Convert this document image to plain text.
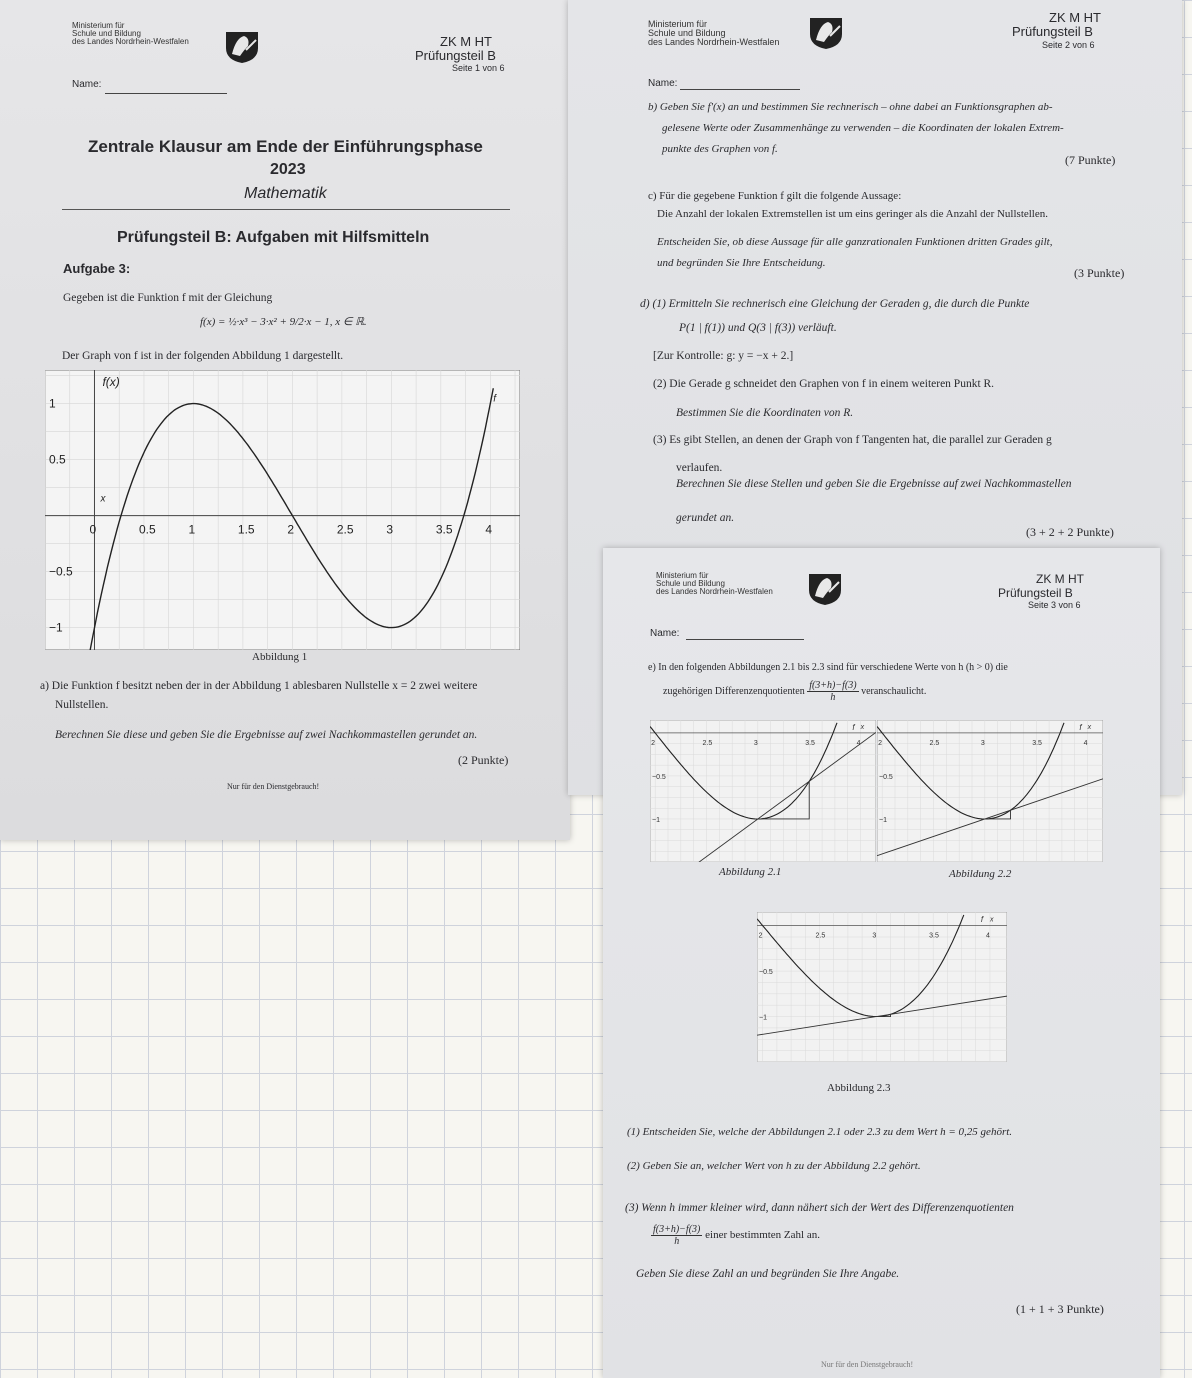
Ministerium für
Schule und Bildung
des Landes Nordrhein-Westfalen	ZK M HT
Prüfungsteil B
Seite 1 von 6
Name:
Zentrale Klausur am Ende der Einführungsphase
2023
Mathematik
Prüfungsteil B: Aufgaben mit Hilfsmitteln
Aufgabe 3:
Gegeben ist die Funktion f mit der Gleichung
f(x) = ½·x³ − 3·x² + 9/2·x − 1, x ∈ ℝ.
Der Graph von f ist in der folgenden Abbildung 1 dargestellt.
0	0.5	1	1.5	2	2.5	3	3.5	4
−1
−0.5
0.5
1
x
f(x)
f
Abbildung 1
a) Die Funktion f besitzt neben der in der Abbildung 1 ablesbaren Nullstelle x = 2 zwei weitere
Nullstellen.
Berechnen Sie diese und geben Sie die Ergebnisse auf zwei Nachkommastellen gerundet an.
(2 Punkte)
Nur für den Dienstgebrauch!
Ministerium für
Schule und Bildung
des Landes Nordrhein-Westfalen
ZK M HT
Prüfungsteil B
Seite 2 von 6
Name:
b) Geben Sie f'(x) an und bestimmen Sie rechnerisch – ohne dabei an Funktionsgraphen ab-
gelesene Werte oder Zusammenhänge zu verwenden – die Koordinaten der lokalen Extrem-
punkte des Graphen von f.
(7 Punkte)
c) Für die gegebene Funktion f gilt die folgende Aussage:
Die Anzahl der lokalen Extremstellen ist um eins geringer als die Anzahl der Nullstellen.
Entscheiden Sie, ob diese Aussage für alle ganzrationalen Funktionen dritten Grades gilt,
und begründen Sie Ihre Entscheidung.
(3 Punkte)
d) (1) Ermitteln Sie rechnerisch eine Gleichung der Geraden g, die durch die Punkte
P(1 | f(1)) und Q(3 | f(3)) verläuft.
[Zur Kontrolle: g: y = −x + 2.]
(2) Die Gerade g schneidet den Graphen von f in einem weiteren Punkt R.
Bestimmen Sie die Koordinaten von R.
(3) Es gibt Stellen, an denen der Graph von f Tangenten hat, die parallel zur Geraden g
verlaufen.
Berechnen Sie diese Stellen und geben Sie die Ergebnisse auf zwei Nachkommastellen
gerundet an.
(3 + 2 + 2 Punkte)
Ministerium für
Schule und Bildung
des Landes Nordrhein-Westfalen
ZK M HT
Prüfungsteil B
Seite 3 von 6
Name:
e) In den folgenden Abbildungen 2.1 bis 2.3 sind für verschiedene Werte von h (h > 0) die
zugehörigen Differenzenquotienten $\frac{f(3+h)-f(3)}{h}$ veranschaulicht.
2	2.5	3	3.5	4
−0.5
−1
x
f
Abbildung 2.1
2	2.5	3	3.5	4
−0.5
−1
x
f
Abbildung 2.2
2	2.5	3	3.5	4
−0.5
−1
x
f
Abbildung 2.3
(1) Entscheiden Sie, welche der Abbildungen 2.1 oder 2.3 zu dem Wert h = 0,25 gehört.
(2) Geben Sie an, welcher Wert von h zu der Abbildung 2.2 gehört.
(3) Wenn h immer kleiner wird, dann nähert sich der Wert des Differenzenquotienten
$\frac{f(3+h)-f(3)}{h}$ einer bestimmten Zahl an.
Geben Sie diese Zahl an und begründen Sie Ihre Angabe.
(1 + 1 + 3 Punkte)
Nur für den Dienstgebrauch!
